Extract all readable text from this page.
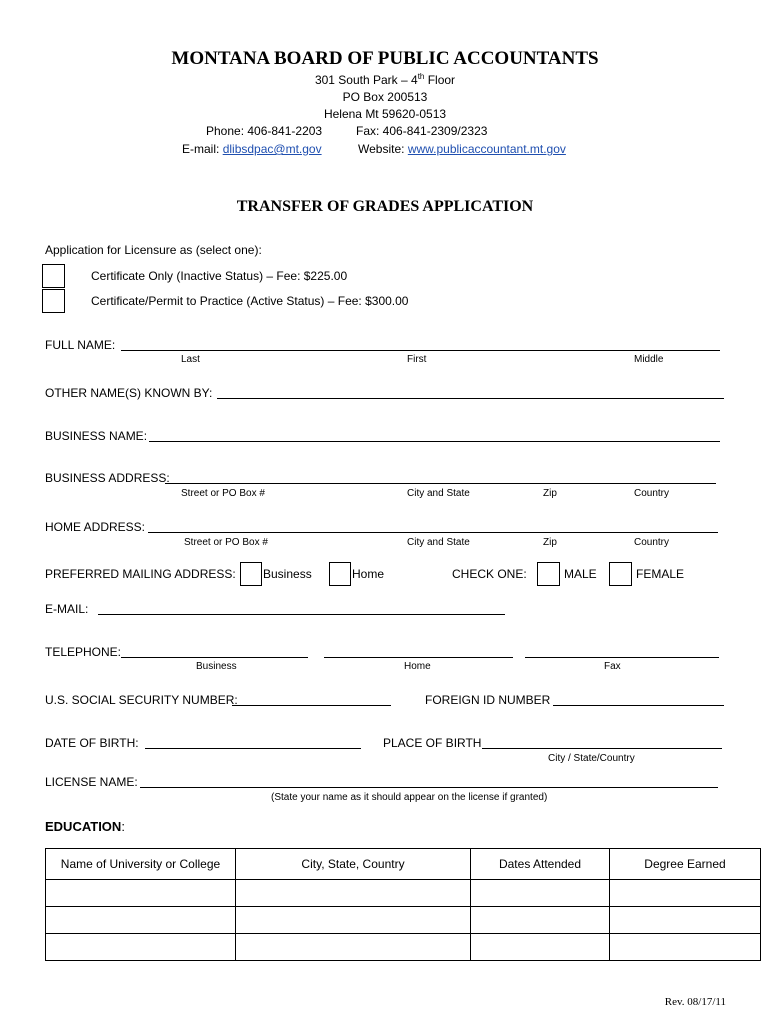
MONTANA BOARD OF PUBLIC ACCOUNTANTS
301 South Park – 4th Floor
PO Box 200513
Helena Mt 59620-0513
Phone: 406-841-2203	Fax: 406-841-2309/2323
E-mail: dlibsdpac@mt.gov	Website: www.publicaccountant.mt.gov
TRANSFER OF GRADES APPLICATION
Application for Licensure as (select one):
Certificate Only (Inactive Status) – Fee: $225.00
Certificate/Permit to Practice (Active Status) – Fee: $300.00
FULL NAME:
Last	First	Middle
OTHER NAME(S) KNOWN BY:
BUSINESS NAME:
BUSINESS ADDRESS:
Street or PO Box #	City and State	Zip	Country
HOME ADDRESS:
Street or PO Box #	City and State	Zip	Country
PREFERRED MAILING ADDRESS: Business	Home	CHECK ONE:	MALE	FEMALE
E-MAIL:
TELEPHONE:
Business	Home	Fax
U.S. SOCIAL SECURITY NUMBER:	FOREIGN ID NUMBER
DATE OF BIRTH:	PLACE OF BIRTH
City / State/Country
LICENSE NAME:
(State your name as it should appear on the license if granted)
EDUCATION:
Name of University or College	City, State, Country	Dates Attended	Degree Earned

Rev. 08/17/11
